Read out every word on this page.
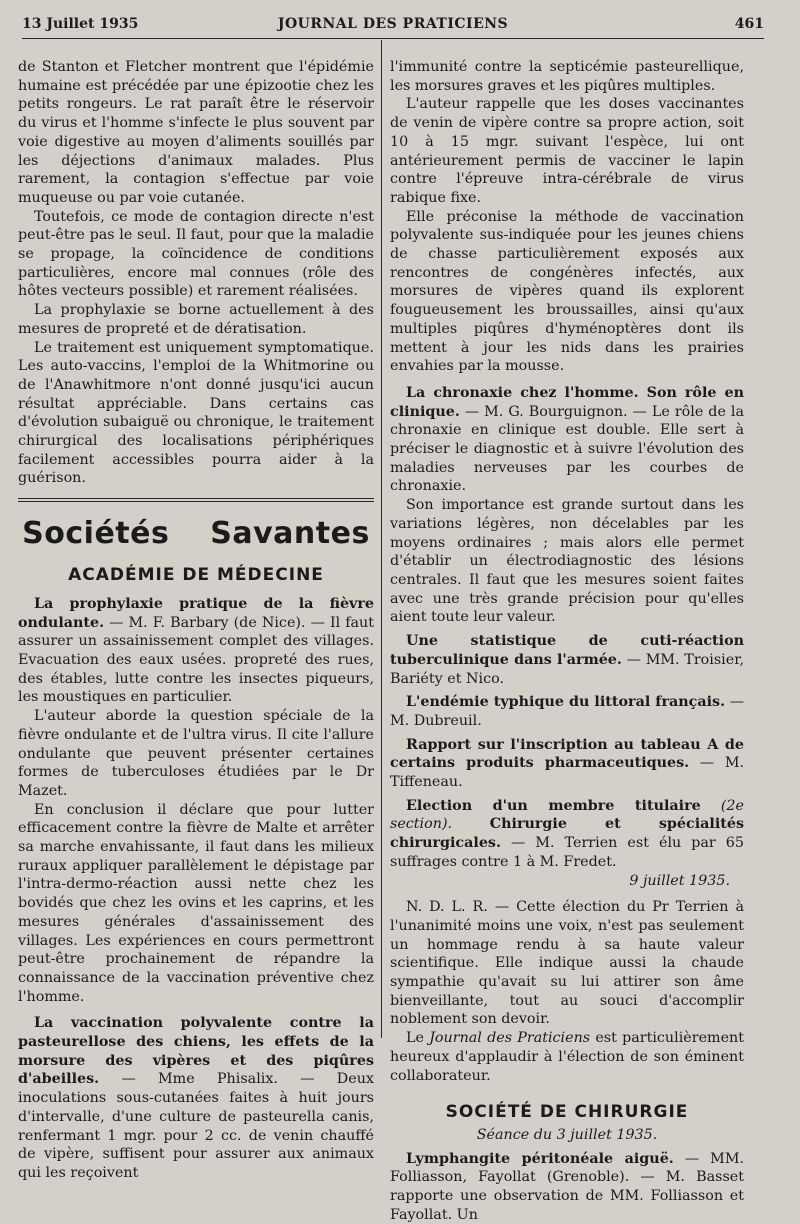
13 Juillet 1935	JOURNAL DES PRATICIENS	461

de Stanton et Fletcher montrent que l'épidémie humaine est précédée par une épizootie chez les petits rongeurs. Le rat paraît être le réservoir du virus et l'homme s'infecte le plus souvent par voie digestive au moyen d'aliments souillés par les déjections d'animaux malades. Plus rarement, la contagion s'effectue par voie muqueuse ou par voie cutanée.

Toutefois, ce mode de contagion directe n'est peut-être pas le seul. Il faut, pour que la maladie se propage, la coïncidence de conditions particulières, encore mal connues (rôle des hôtes vecteurs possible) et rarement réalisées.

La prophylaxie se borne actuellement à des mesures de propreté et de dératisation.

Le traitement est uniquement symptomatique. Les auto-vaccins, l'emploi de la Whitmorine ou de l'Anawhitmore n'ont donné jusqu'ici aucun résultat appréciable. Dans certains cas d'évolution subaiguë ou chronique, le traitement chirurgical des localisations périphériques facilement accessibles pourra aider à la guérison.

Sociétés Savantes
ACADÉMIE DE MÉDECINE

La prophylaxie pratique de la fièvre ondulante. — M. F. Barbary (de Nice). — Il faut assurer un assainissement complet des villages. Evacuation des eaux usées. propreté des rues, des étables, lutte contre les insectes piqueurs, les moustiques en particulier.

L'auteur aborde la question spéciale de la fièvre ondulante et de l'ultra virus. Il cite l'allure ondulante que peuvent présenter certaines formes de tuberculoses étudiées par le Dr Mazet.

En conclusion il déclare que pour lutter efficacement contre la fièvre de Malte et arrêter sa marche envahissante, il faut dans les milieux ruraux appliquer parallèlement le dépistage par l'intra-dermo-réaction aussi nette chez les bovidés que chez les ovins et les caprins, et les mesures générales d'assainissement des villages. Les expériences en cours permettront peut-être prochainement de répandre la connaissance de la vaccination préventive chez l'homme.

La vaccination polyvalente contre la pasteurellose des chiens, les effets de la morsure des vipères et des piqûres d'abeilles. — Mme Phisalix. — Deux inoculations sous-cutanées faites à huit jours d'intervalle, d'une culture de pasteurella canis, renfermant 1 mgr. pour 2 cc. de venin chauffé de vipère, suffisent pour assurer aux animaux qui les reçoivent

l'immunité contre la septicémie pasteurellique, les morsures graves et les piqûres multiples.

L'auteur rappelle que les doses vaccinantes de venin de vipère contre sa propre action, soit 10 à 15 mgr. suivant l'espèce, lui ont antérieurement permis de vacciner le lapin contre l'épreuve intra-cérébrale de virus rabique fixe.

Elle préconise la méthode de vaccination polyvalente sus-indiquée pour les jeunes chiens de chasse particulièrement exposés aux rencontres de congénères infectés, aux morsures de vipères quand ils explorent fougueusement les broussailles, ainsi qu'aux multiples piqûres d'hyménoptères dont ils mettent à jour les nids dans les prairies envahies par la mousse.

La chronaxie chez l'homme. Son rôle en clinique. — M. G. Bourguignon. — Le rôle de la chronaxie en clinique est double. Elle sert à préciser le diagnostic et à suivre l'évolution des maladies nerveuses par les courbes de chronaxie.

Son importance est grande surtout dans les variations légères, non décelables par les moyens ordinaires ; mais alors elle permet d'établir un électrodiagnostic des lésions centrales. Il faut que les mesures soient faites avec une très grande précision pour qu'elles aient toute leur valeur.

Une statistique de cuti-réaction tuberculinique dans l'armée. — MM. Troisier, Bariéty et Nico.

L'endémie typhique du littoral français. — M. Dubreuil.

Rapport sur l'inscription au tableau A de certains produits pharmaceutiques. — M. Tiffeneau.

Election d'un membre titulaire (2e section).	Chirurgie et spécialités chirurgicales. — M. Terrien est élu par 65 suffrages contre 1 à M. Fredet.

9 juillet 1935.

N. D. L. R. — Cette élection du Pr Terrien à l'unanimité moins une voix, n'est pas seulement un hommage rendu à sa haute valeur scientifique. Elle indique aussi la chaude sympathie qu'avait su lui attirer son âme bienveillante, tout au souci d'accomplir noblement son devoir.

Le Journal des Praticiens est particulièrement heureux d'applaudir à l'élection de son éminent collaborateur.

SOCIÉTÉ DE CHIRURGIE

Séance du 3 juillet 1935.

Lymphangite péritonéale aiguë. — MM. Folliasson, Fayollat (Grenoble). — M. Basset rapporte une observation de MM. Folliasson et Fayollat. Un
